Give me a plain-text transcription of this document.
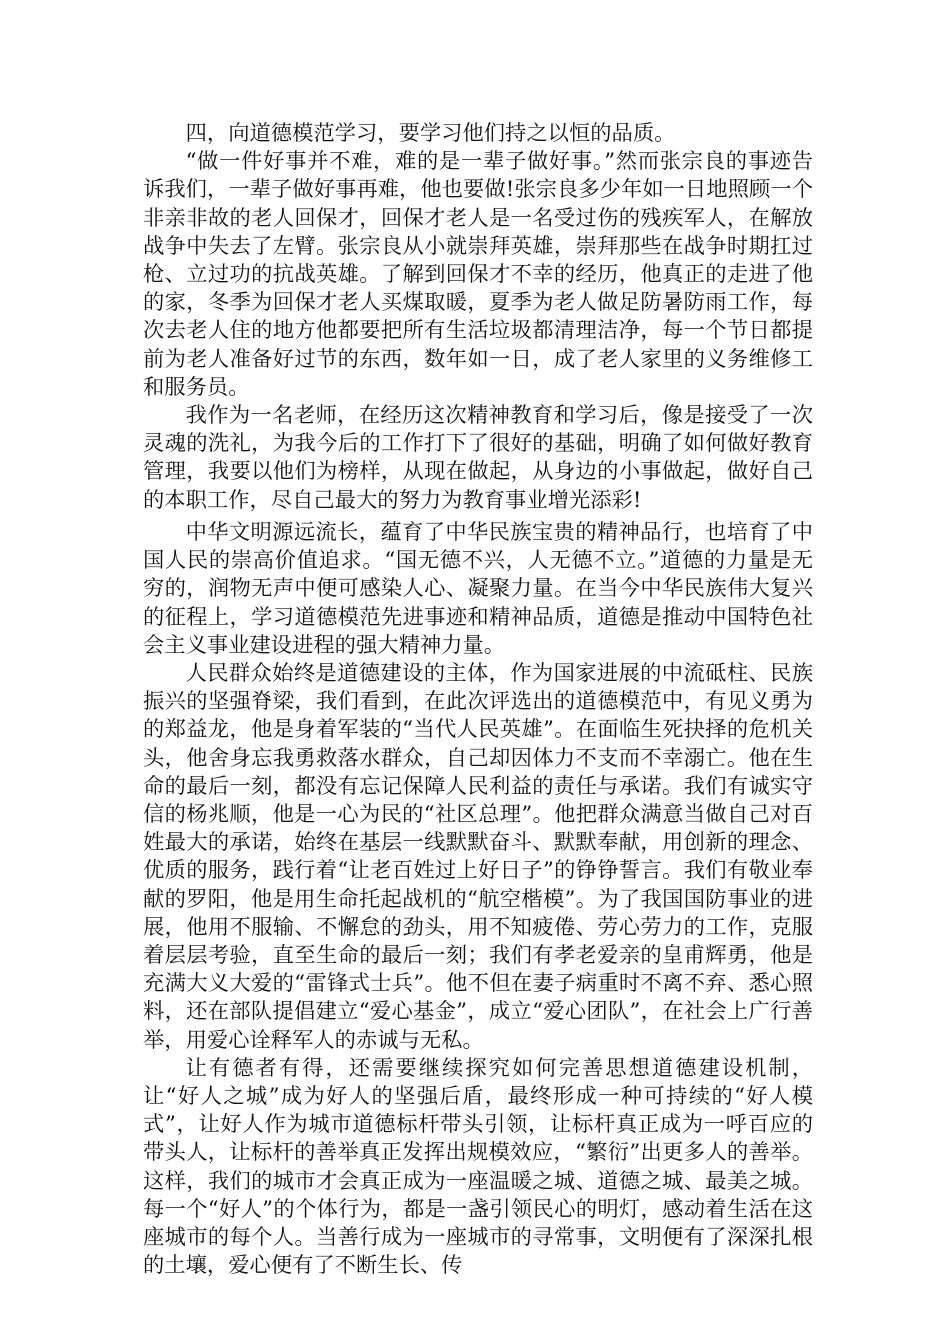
四，向道德模范学习，要学习他们持之以恒的品质。

“做一件好事并不难，难的是一辈子做好事。”然而张宗良的事迹告诉我们，一辈子做好事再难，他也要做!张宗良多少年如一日地照顾一个非亲非故的老人回保才，回保才老人是一名受过伤的残疾军人，在解放战争中失去了左臂。张宗良从小就崇拜英雄，崇拜那些在战争时期扛过枪、立过功的抗战英雄。了解到回保才不幸的经历，他真正的走进了他的家，冬季为回保才老人买煤取暖，夏季为老人做足防暑防雨工作，每次去老人住的地方他都要把所有生活垃圾都清理洁净，每一个节日都提前为老人准备好过节的东西，数年如一日，成了老人家里的义务维修工和服务员。

我作为一名老师，在经历这次精神教育和学习后，像是接受了一次灵魂的洗礼，为我今后的工作打下了很好的基础，明确了如何做好教育管理，我要以他们为榜样，从现在做起，从身边的小事做起，做好自己的本职工作，尽自己最大的努力为教育事业增光添彩!

中华文明源远流长，蕴育了中华民族宝贵的精神品行，也培育了中国人民的崇高价值追求。“国无德不兴，人无德不立。”道德的力量是无穷的，润物无声中便可感染人心、凝聚力量。在当今中华民族伟大复兴的征程上，学习道德模范先进事迹和精神品质，道德是推动中国特色社会主义事业建设进程的强大精神力量。

人民群众始终是道德建设的主体，作为国家进展的中流砥柱、民族振兴的坚强脊梁，我们看到，在此次评选出的道德模范中，有见义勇为的郑益龙，他是身着军装的“当代人民英雄”。在面临生死抉择的危机关头，他舍身忘我勇救落水群众，自己却因体力不支而不幸溺亡。他在生命的最后一刻，都没有忘记保障人民利益的责任与承诺。我们有诚实守信的杨兆顺，他是一心为民的“社区总理”。他把群众满意当做自己对百姓最大的承诺，始终在基层一线默默奋斗、默默奉献，用创新的理念、优质的服务，践行着“让老百姓过上好日子”的铮铮誓言。我们有敬业奉献的罗阳，他是用生命托起战机的“航空楷模”。为了我国国防事业的进展，他用不服输、不懈怠的劲头，用不知疲倦、劳心劳力的工作，克服着层层考验，直至生命的最后一刻；我们有孝老爱亲的皇甫辉勇，他是充满大义大爱的“雷锋式士兵”。他不但在妻子病重时不离不弃、悉心照料，还在部队提倡建立“爱心基金”，成立“爱心团队”，在社会上广行善举，用爱心诠释军人的赤诚与无私。

让有德者有得，还需要继续探究如何完善思想道德建设机制，让“好人之城”成为好人的坚强后盾，最终形成一种可持续的“好人模式”，让好人作为城市道德标杆带头引领，让标杆真正成为一呼百应的带头人，让标杆的善举真正发挥出规模效应，“繁衍”出更多人的善举。这样，我们的城市才会真正成为一座温暖之城、道德之城、最美之城。每一个“好人”的个体行为，都是一盏引领民心的明灯，感动着生活在这座城市的每个人。当善行成为一座城市的寻常事，文明便有了深深扎根的土壤，爱心便有了不断生长、传
